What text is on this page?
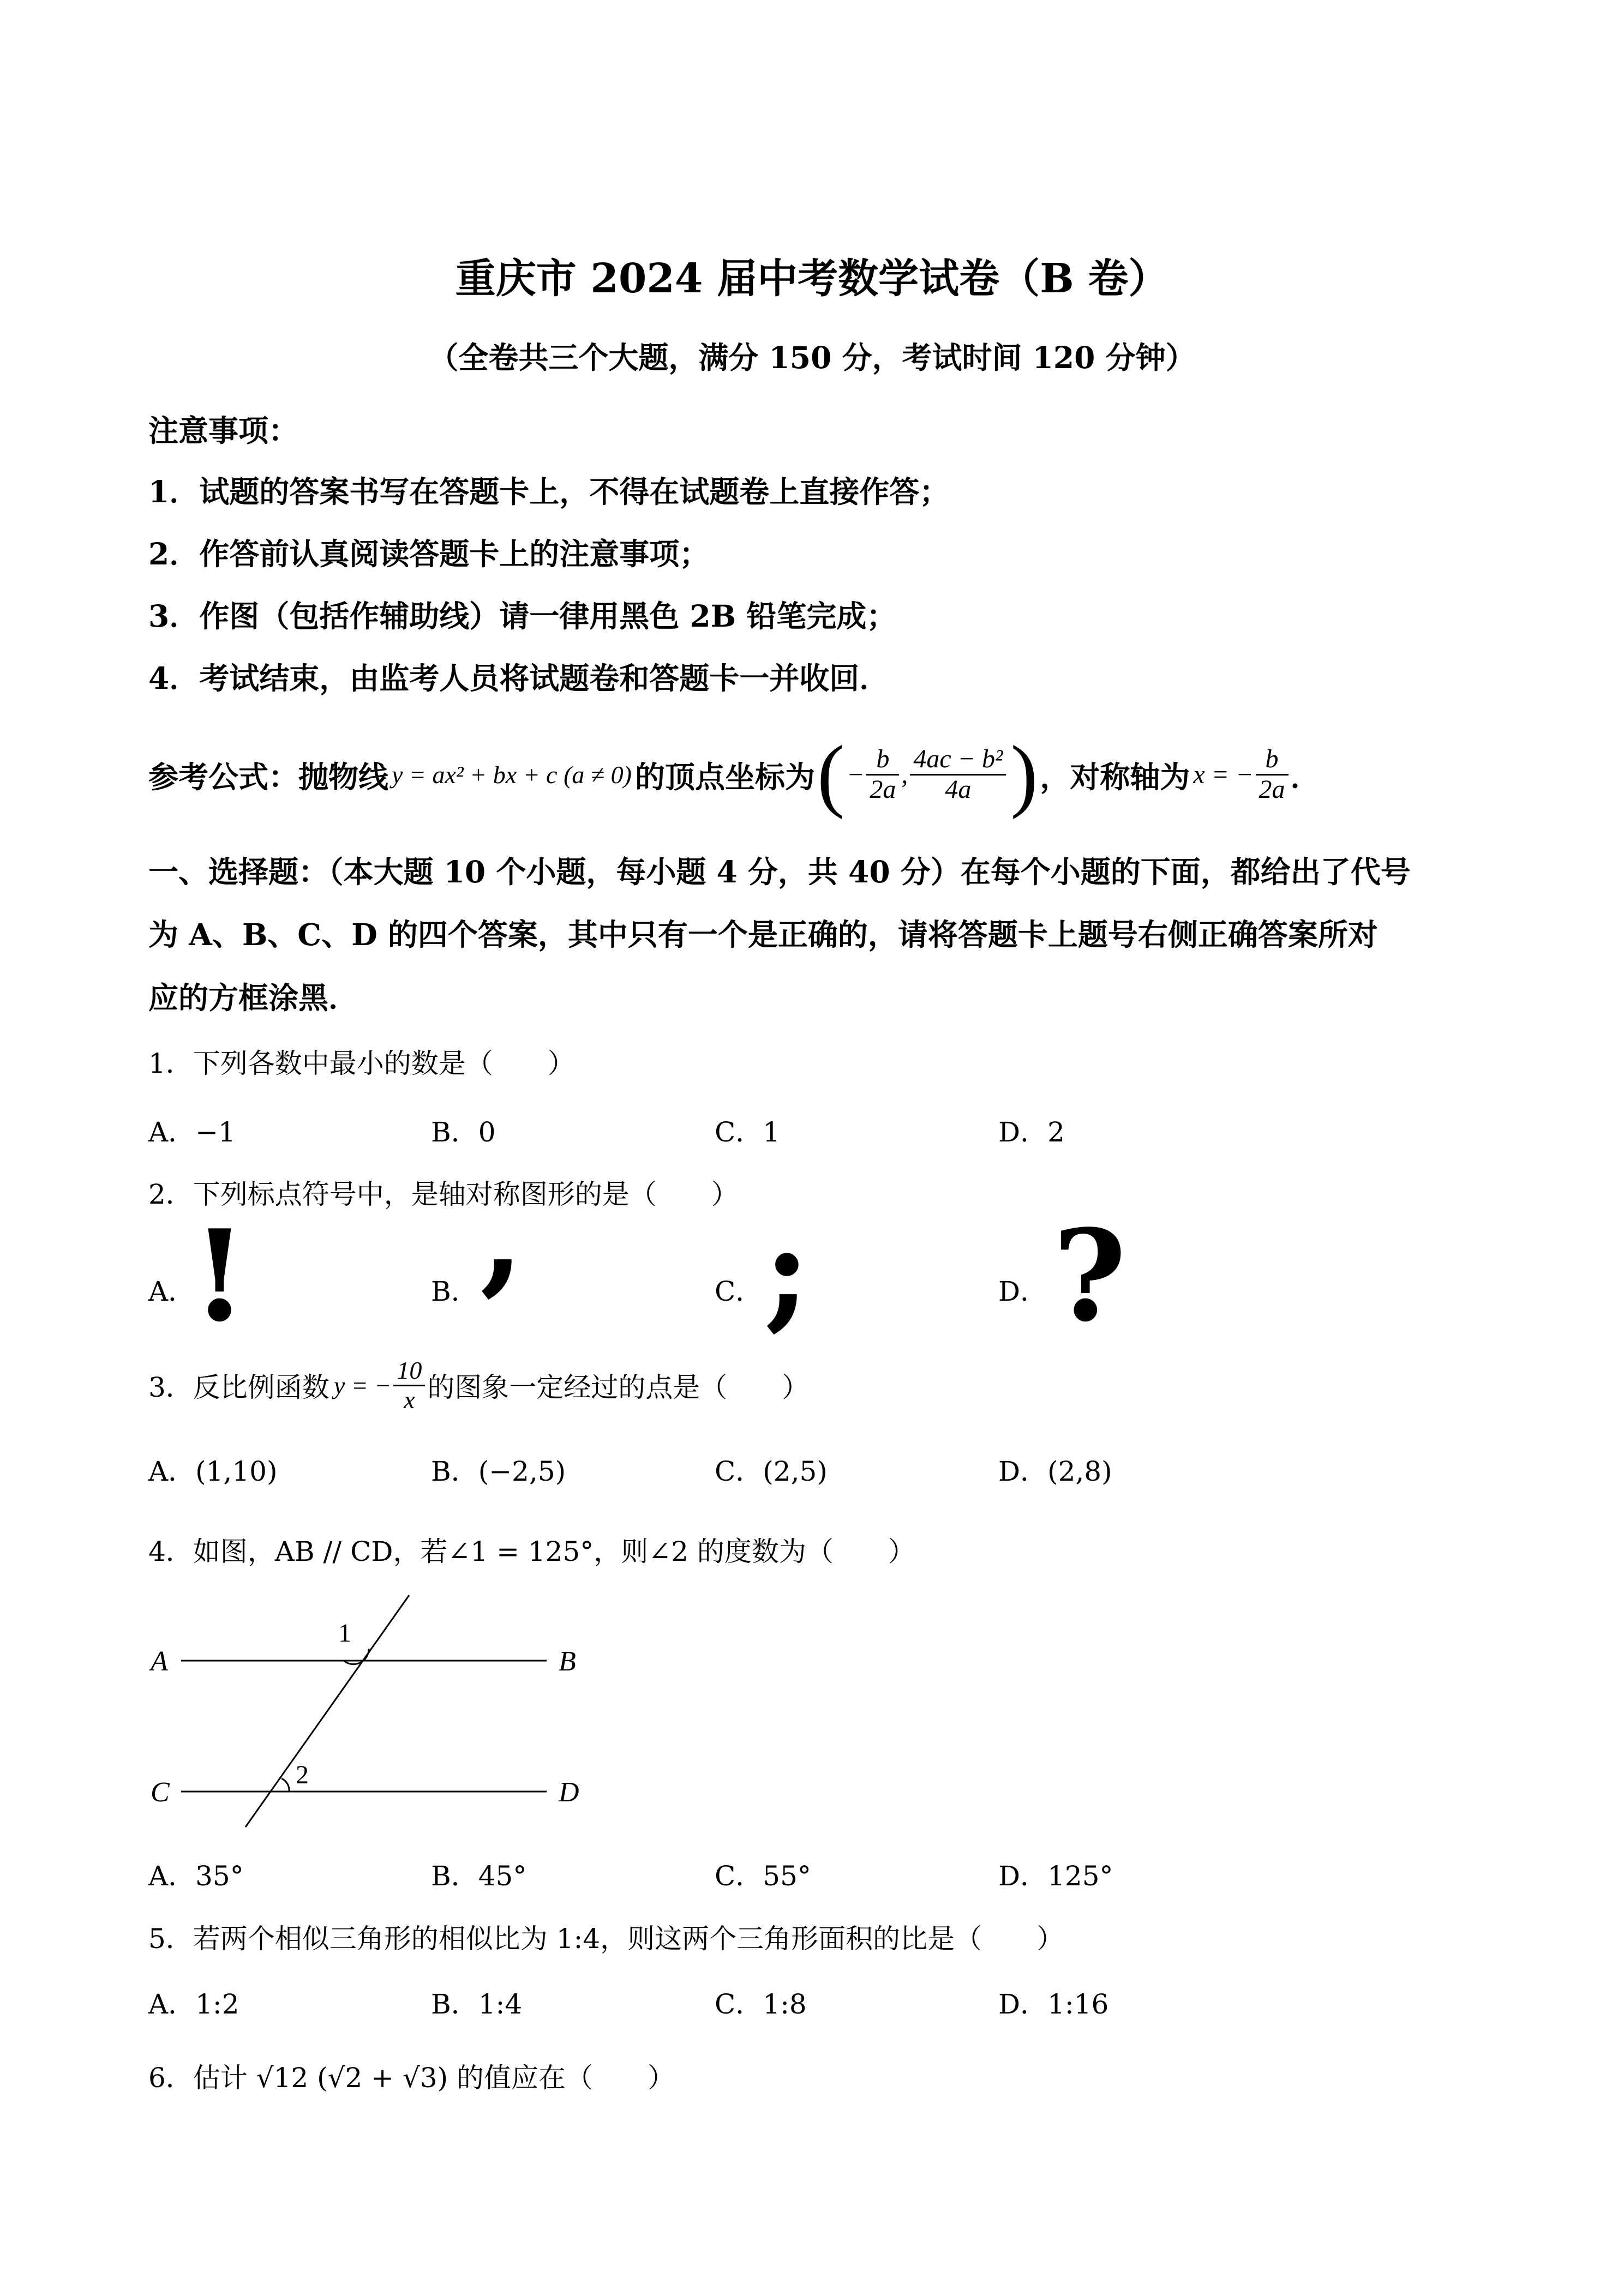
重庆市 2024 届中考数学试卷（B 卷）
（全卷共三个大题，满分 150 分，考试时间 120 分钟）
注意事项：
1．试题的答案书写在答题卡上，不得在试题卷上直接作答；
2．作答前认真阅读答题卡上的注意事项；
3．作图（包括作辅助线）请一律用黑色 2B 铅笔完成；
4．考试结束，由监考人员将试题卷和答题卡一并收回．
参考公式：抛物线 y = ax² + bx + c (a ≠ 0) 的顶点坐标为 ( − $\frac{b}{2a}$ , $\frac{\text{4ac − b²}}{4a}$ ) ，对称轴为 x = − $\frac{b}{2a}$ ．
一、选择题：（本大题 10 个小题，每小题 4 分，共 40 分）在每个小题的下面，都给出了代号
为 A、B、C、D 的四个答案，其中只有一个是正确的，请将答题卡上题号右侧正确答案所对
应的方框涂黑．
1．下列各数中最小的数是（　　）
A．−1	B．0	C．1	D．2
2．下列标点符号中，是轴对称图形的是（　　）
A．
!	B． ,	C． ;	D． ?
3．反比例函数 y = − $\frac{10}{x}$ 的图象一定经过的点是（　　）
A．(1,10)	B．(−2,5)	C．(2,5)	D．(2,8)
4．如图，AB // CD，若∠1 = 125°，则∠2 的度数为（　　）
A	B
C	D
1
2
A．35°	B．45°	C．55°	D．125°
5．若两个相似三角形的相似比为 1:4，则这两个三角形面积的比是（　　）
A．1:2	B．1:4	C．1:8	D．1:16
6．估计 √12 (√2 + √3) 的值应在（　　）
